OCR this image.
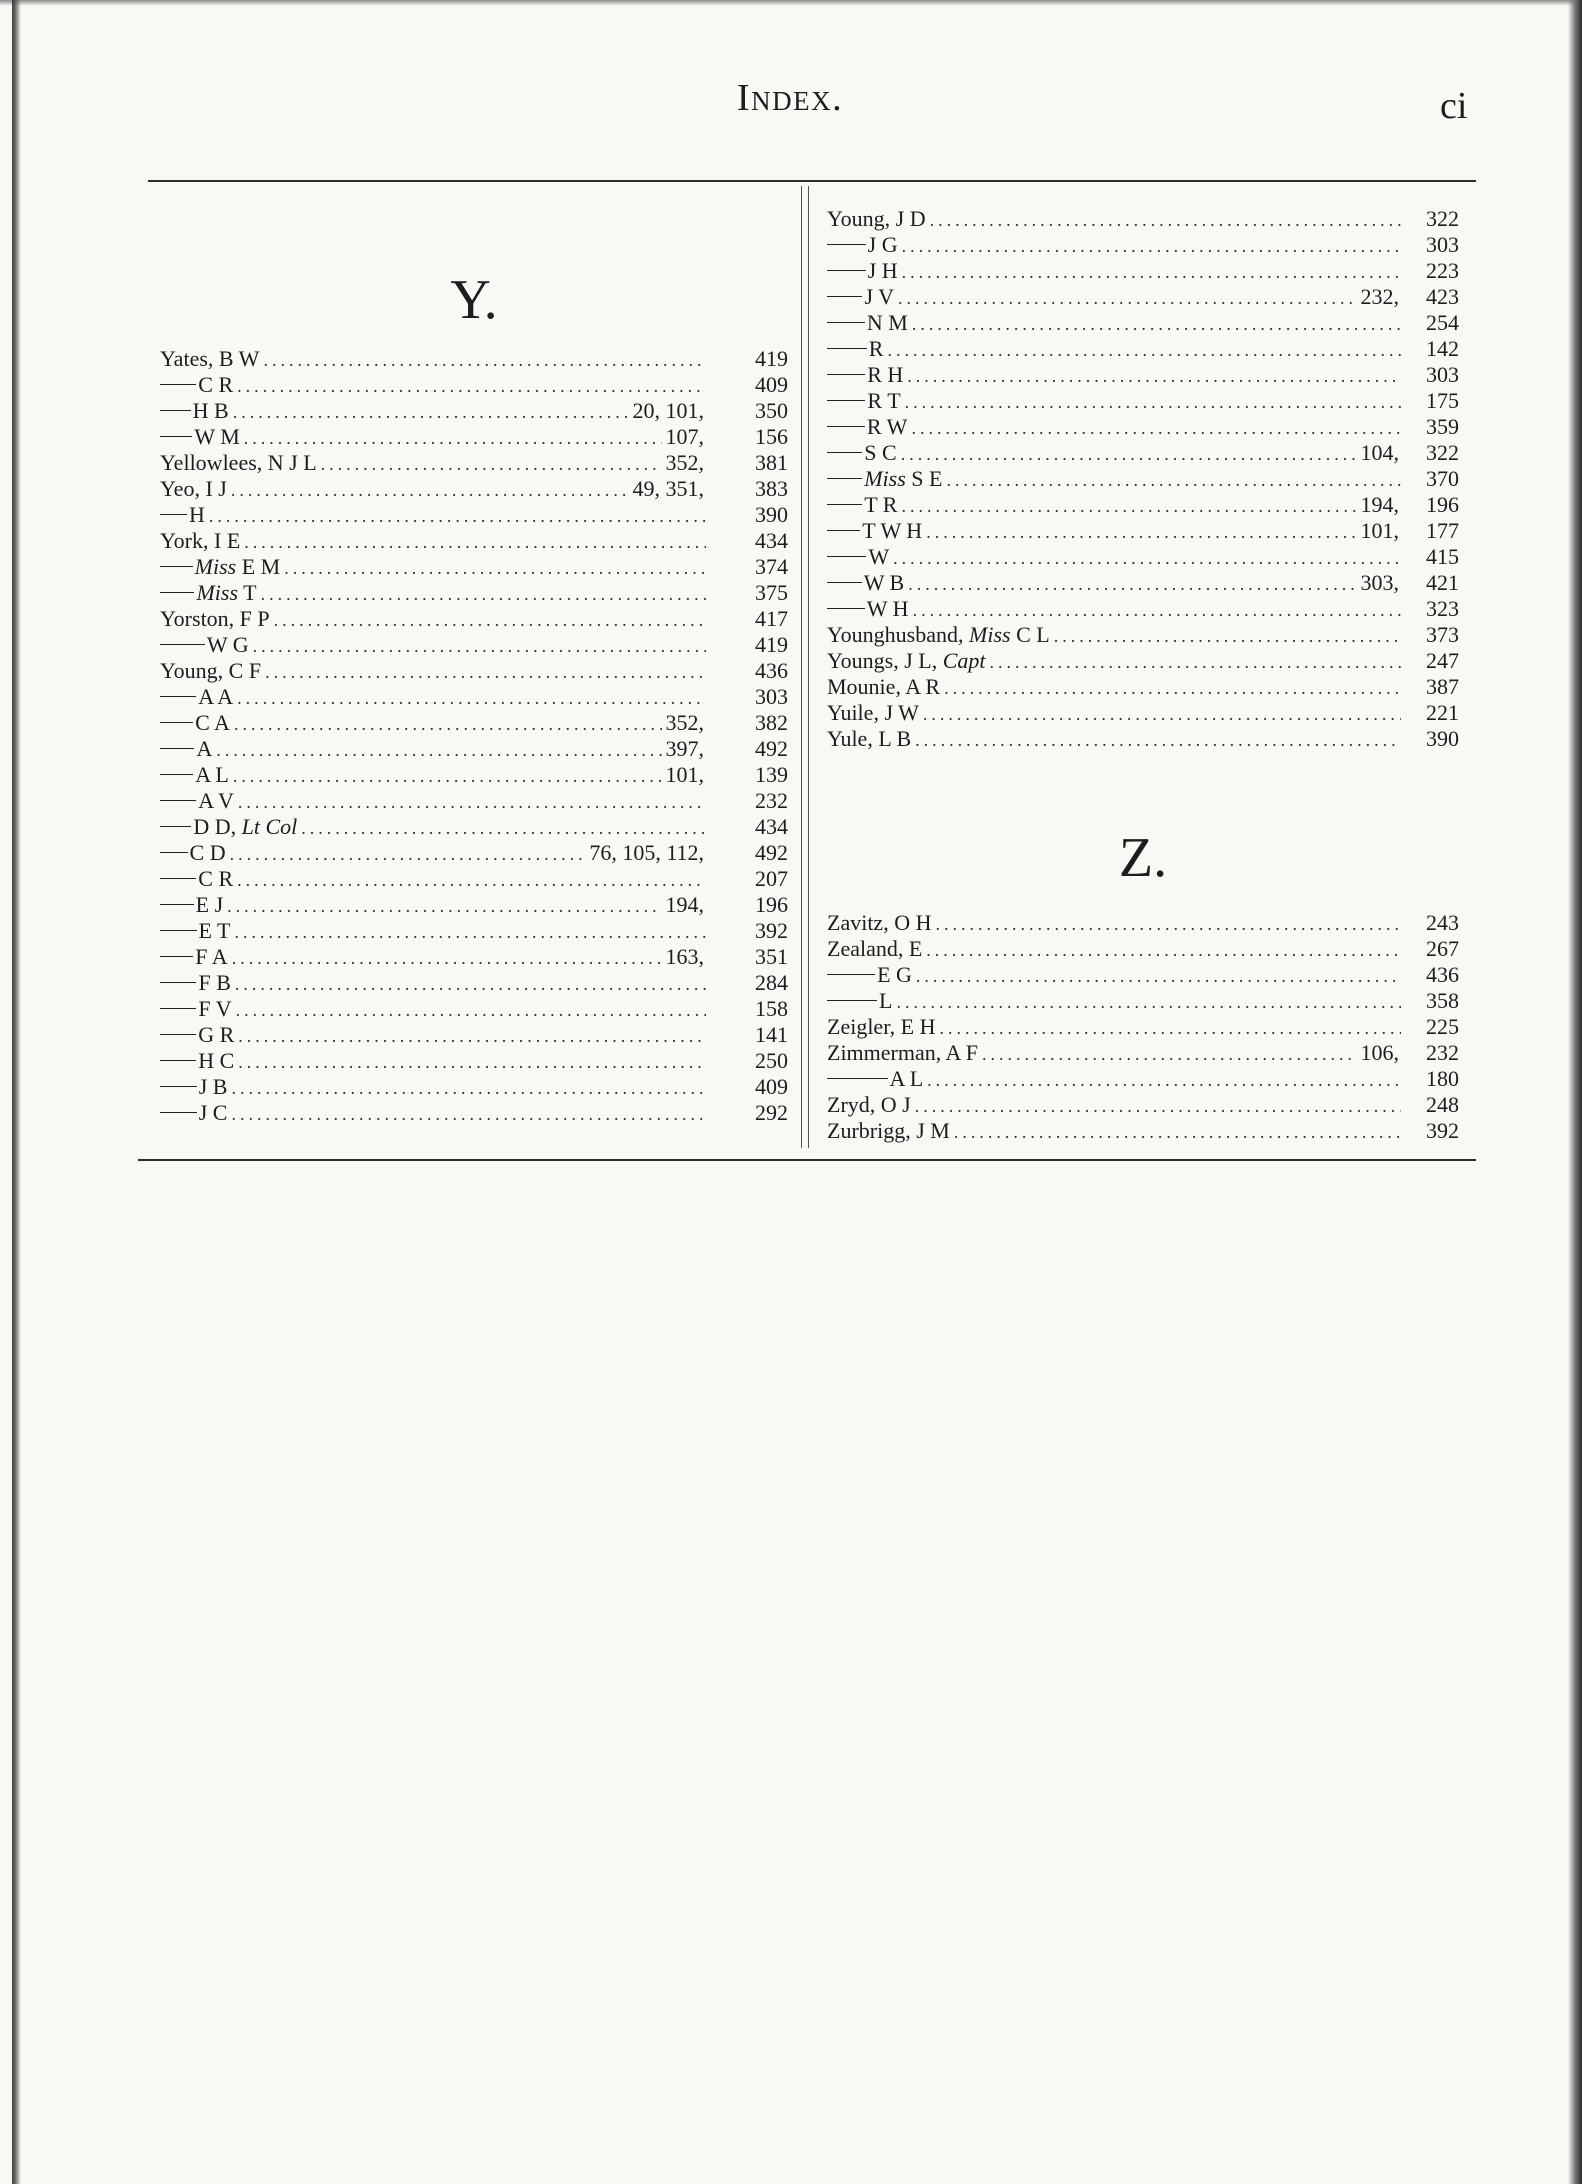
Index.	ci
Y.
Yates, B W .....	419
C R .....	409
H B .....	20, 101,	350
W M .....	107,	156
Yellowlees, N J L .....	352,	381
Yeo, I J .....	49, 351,	383
H .....	390
York, I E .....	434
Miss E M .....	374
Miss T .....	375
Yorston, F P .....	417
W G .....	419
Young, C F .....	436
A A .....	303
C A .....	352,	382
A .....	397,	492
A L .....	101,	139
A V .....	232
D D, Lt Col .....	434
C D .....	76, 105, 112,	492
C R .....	207
E J .....	194,	196
E T .....	392
F A .....	163,	351
F B .....	284
F V .....	158
G R .....	141
H C .....	250
J B .....	409
J C .....	292
Young, J D .....	322
J G .....	303
J H .....	223
J V .....	232,	423
N M .....	254
R .....	142
R H .....	303
R T .....	175
R W .....	359
S C .....	104,	322
Miss S E .....	370
T R .....	194,	196
T W H .....	101,	177
W .....	415
W B .....	303,	421
W H .....	323
Younghusband, Miss C L .....	373
Youngs, J L, Capt .....	247
Mounie, A R .....	387
Yuile, J W .....	221
Yule, L B .....	390
Z.
Zavitz, O H .....	243
Zealand, E .....	267
E G .....	436
L .....	358
Zeigler, E H .....	225
Zimmerman, A F .....	106,	232
A L .....	180
Zryd, O J .....	248
Zurbrigg, J M .....	392
